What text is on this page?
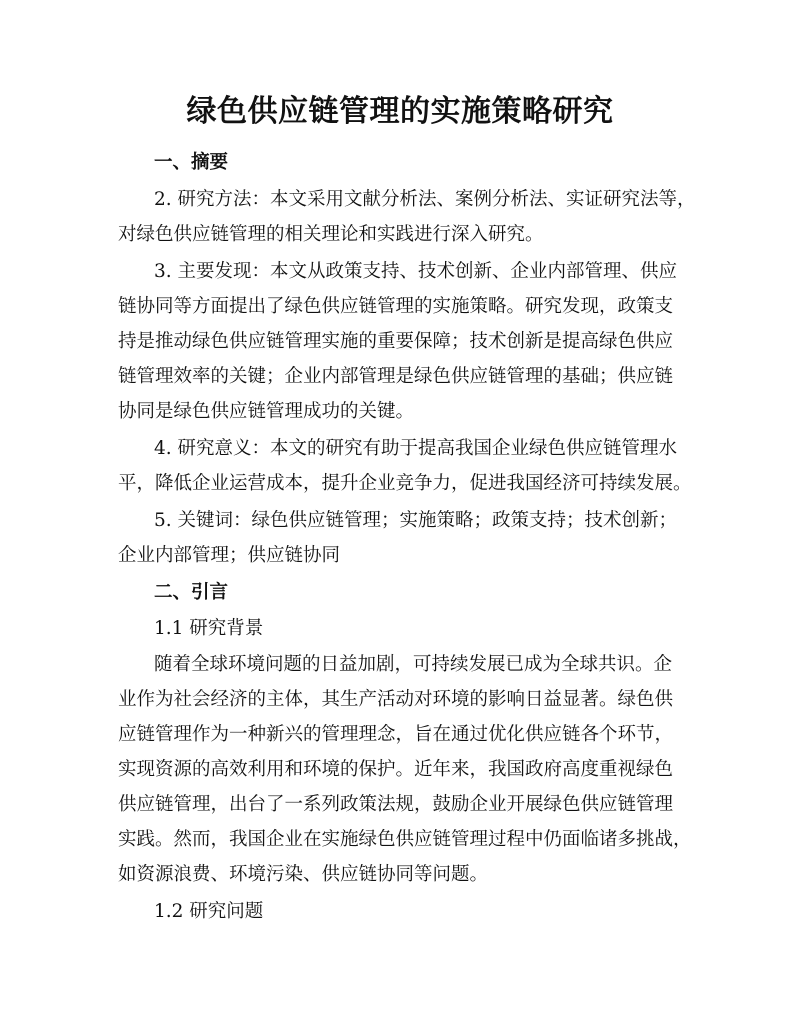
绿色供应链管理的实施策略研究

一、摘要

2. 研究方法：本文采用文献分析法、案例分析法、实证研究法等，

对绿色供应链管理的相关理论和实践进行深入研究。

3. 主要发现：本文从政策支持、技术创新、企业内部管理、供应

链协同等方面提出了绿色供应链管理的实施策略。研究发现，政策支

持是推动绿色供应链管理实施的重要保障；技术创新是提高绿色供应

链管理效率的关键；企业内部管理是绿色供应链管理的基础；供应链

协同是绿色供应链管理成功的关键。

4. 研究意义：本文的研究有助于提高我国企业绿色供应链管理水

平，降低企业运营成本，提升企业竞争力，促进我国经济可持续发展。

5. 关键词：绿色供应链管理；实施策略；政策支持；技术创新；

企业内部管理；供应链协同

二、引言

1.1 研究背景

随着全球环境问题的日益加剧，可持续发展已成为全球共识。企

业作为社会经济的主体，其生产活动对环境的影响日益显著。绿色供

应链管理作为一种新兴的管理理念，旨在通过优化供应链各个环节，

实现资源的高效利用和环境的保护。近年来，我国政府高度重视绿色

供应链管理，出台了一系列政策法规，鼓励企业开展绿色供应链管理

实践。然而，我国企业在实施绿色供应链管理过程中仍面临诸多挑战，

如资源浪费、环境污染、供应链协同等问题。

1.2 研究问题
